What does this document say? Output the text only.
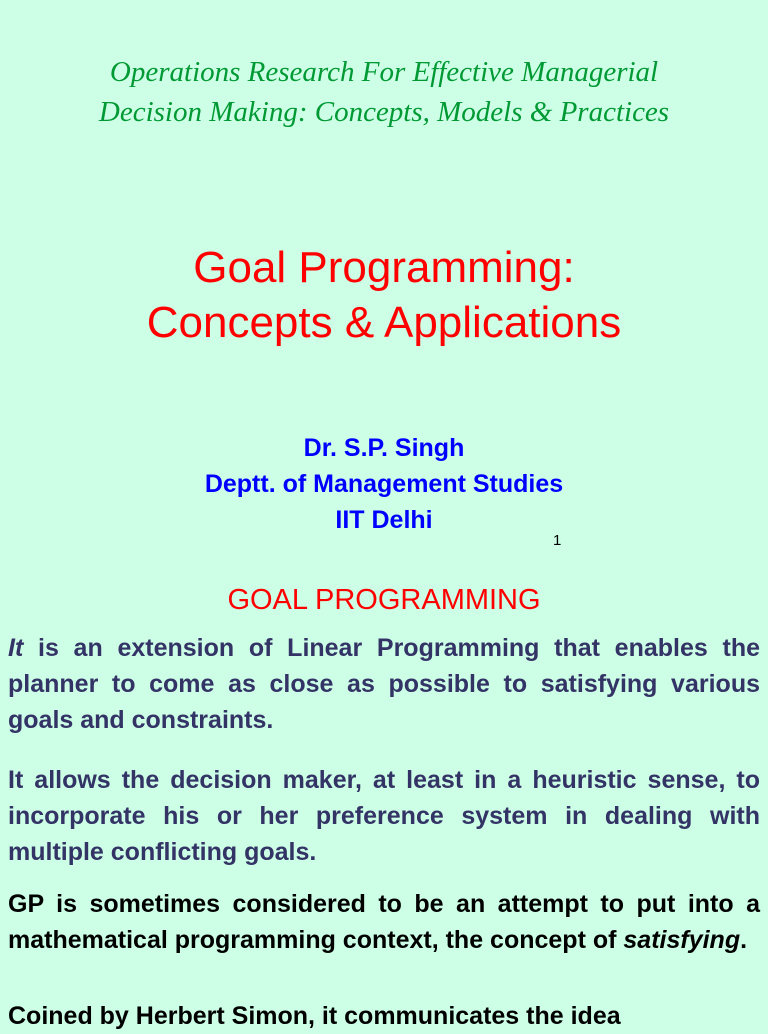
Operations Research For Effective Managerial
Decision Making: Concepts, Models & Practices
Goal Programming:
Concepts & Applications
Dr. S.P. Singh
Deptt. of Management Studies
IIT Delhi
1
GOAL PROGRAMMING

It is an extension of Linear Programming that enables the planner to come as close as possible to satisfying various goals and constraints.

It allows the decision maker, at least in a heuristic sense, to incorporate his or her preference system in dealing with multiple conflicting goals.

GP is sometimes considered to be an attempt to put into a mathematical programming context, the concept of satisfying.

Coined by Herbert Simon, it communicates the idea
